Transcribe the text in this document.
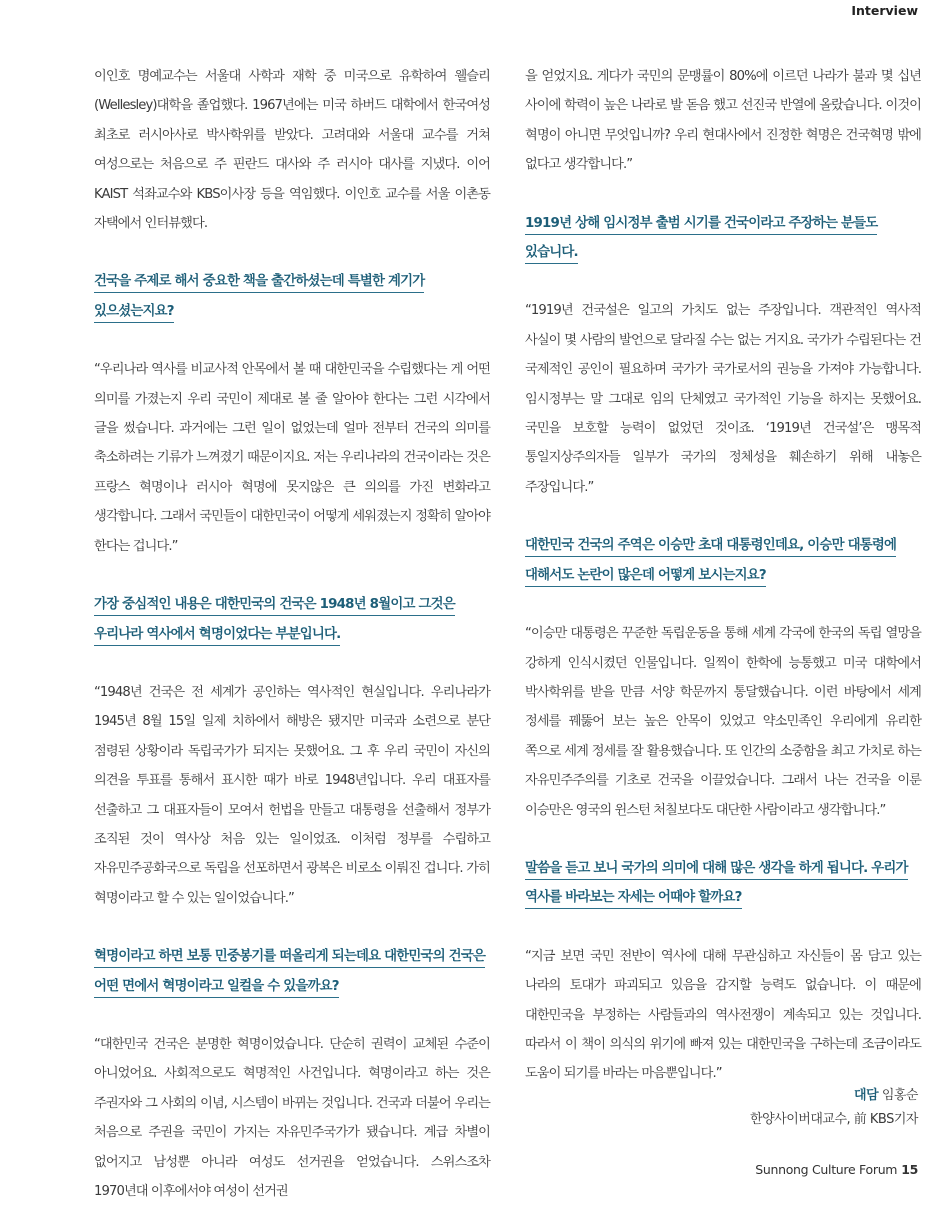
Interview

이인호 명예교수는 서울대 사학과 재학 중 미국으로 유학하여 웰슬리(Wellesley)대학을 졸업했다. 1967년에는 미국 하버드 대학에서 한국여성 최초로 러시아사로 박사학위를 받았다. 고려대와 서울대 교수를 거쳐 여성으로는 처음으로 주 핀란드 대사와 주 러시아 대사를 지냈다. 이어 KAIST 석좌교수와 KBS이사장 등을 역임했다. 이인호 교수를 서울 이촌동 자택에서 인터뷰했다.

건국을 주제로 해서 중요한 책을 출간하셨는데 특별한 계기가 있으셨는지요?

“우리나라 역사를 비교사적 안목에서 볼 때 대한민국을 수립했다는 게 어떤 의미를 가졌는지 우리 국민이 제대로 볼 줄 알아야 한다는 그런 시각에서 글을 썼습니다. 과거에는 그런 일이 없었는데 얼마 전부터 건국의 의미를 축소하려는 기류가 느껴졌기 때문이지요. 저는 우리나라의 건국이라는 것은 프랑스 혁명이나 러시아 혁명에 못지않은 큰 의의를 가진 변화라고 생각합니다. 그래서 국민들이 대한민국이 어떻게 세워졌는지 정확히 알아야 한다는 겁니다.”

가장 중심적인 내용은 대한민국의 건국은 1948년 8월이고 그것은 우리나라 역사에서 혁명이었다는 부분입니다.

“1948년 건국은 전 세계가 공인하는 역사적인 현실입니다. 우리나라가 1945년 8월 15일 일제 치하에서 해방은 됐지만 미국과 소련으로 분단 점령된 상황이라 독립국가가 되지는 못했어요. 그 후 우리 국민이 자신의 의견을 투표를 통해서 표시한 때가 바로 1948년입니다. 우리 대표자를 선출하고 그 대표자들이 모여서 헌법을 만들고 대통령을 선출해서 정부가 조직된 것이 역사상 처음 있는 일이었죠. 이처럼 정부를 수립하고 자유민주공화국으로 독립을 선포하면서 광복은 비로소 이뤄진 겁니다. 가히 혁명이라고 할 수 있는 일이었습니다.”

혁명이라고 하면 보통 민중봉기를 떠올리게 되는데요 대한민국의 건국은 어떤 면에서 혁명이라고 일컬을 수 있을까요?

“대한민국 건국은 분명한 혁명이었습니다. 단순히 권력이 교체된 수준이 아니었어요. 사회적으로도 혁명적인 사건입니다. 혁명이라고 하는 것은 주권자와 그 사회의 이념, 시스템이 바뀌는 것입니다. 건국과 더불어 우리는 처음으로 주권을 국민이 가지는 자유민주국가가 됐습니다. 계급 차별이 없어지고 남성뿐 아니라 여성도 선거권을 얻었습니다. 스위스조차 1970년대 이후에서야 여성이 선거권

을 얻었지요. 게다가 국민의 문맹률이 80%에 이르던 나라가 불과 몇 십년 사이에 학력이 높은 나라로 발 돋음 했고 선진국 반열에 올랐습니다. 이것이 혁명이 아니면 무엇입니까? 우리 현대사에서 진정한 혁명은 건국혁명 밖에 없다고 생각합니다.”

1919년 상해 임시정부 출범 시기를 건국이라고 주장하는 분들도 있습니다.

“1919년 건국설은 일고의 가치도 없는 주장입니다. 객관적인 역사적 사실이 몇 사람의 발언으로 달라질 수는 없는 거지요. 국가가 수립된다는 건 국제적인 공인이 필요하며 국가가 국가로서의 권능을 가져야 가능합니다. 임시정부는 말 그대로 임의 단체였고 국가적인 기능을 하지는 못했어요. 국민을 보호할 능력이 없었던 것이죠. ‘1919년 건국설’은 맹목적 통일지상주의자들 일부가 국가의 정체성을 훼손하기 위해 내놓은 주장입니다.”

대한민국 건국의 주역은 이승만 초대 대통령인데요, 이승만 대통령에 대해서도 논란이 많은데 어떻게 보시는지요?

“이승만 대통령은 꾸준한 독립운동을 통해 세계 각국에 한국의 독립 열망을 강하게 인식시켰던 인물입니다. 일찍이 한학에 능통했고 미국 대학에서 박사학위를 받을 만큼 서양 학문까지 통달했습니다. 이런 바탕에서 세계 정세를 꿰뚫어 보는 높은 안목이 있었고 약소민족인 우리에게 유리한 쪽으로 세계 정세를 잘 활용했습니다. 또 인간의 소중함을 최고 가치로 하는 자유민주주의를 기초로 건국을 이끌었습니다. 그래서 나는 건국을 이룬 이승만은 영국의 윈스턴 처칠보다도 대단한 사람이라고 생각합니다.”

말씀을 듣고 보니 국가의 의미에 대해 많은 생각을 하게 됩니다. 우리가 역사를 바라보는 자세는 어때야 할까요?

“지금 보면 국민 전반이 역사에 대해 무관심하고 자신들이 몸 담고 있는 나라의 토대가 파괴되고 있음을 감지할 능력도 없습니다. 이 때문에 대한민국을 부정하는 사람들과의 역사전쟁이 계속되고 있는 것입니다. 따라서 이 책이 의식의 위기에 빠져 있는 대한민국을 구하는데 조금이라도 도움이 되기를 바라는 마음뿐입니다.”

대담 임홍순
한양사이버대교수, 前 KBS기자
Sunnong Culture Forum 15
